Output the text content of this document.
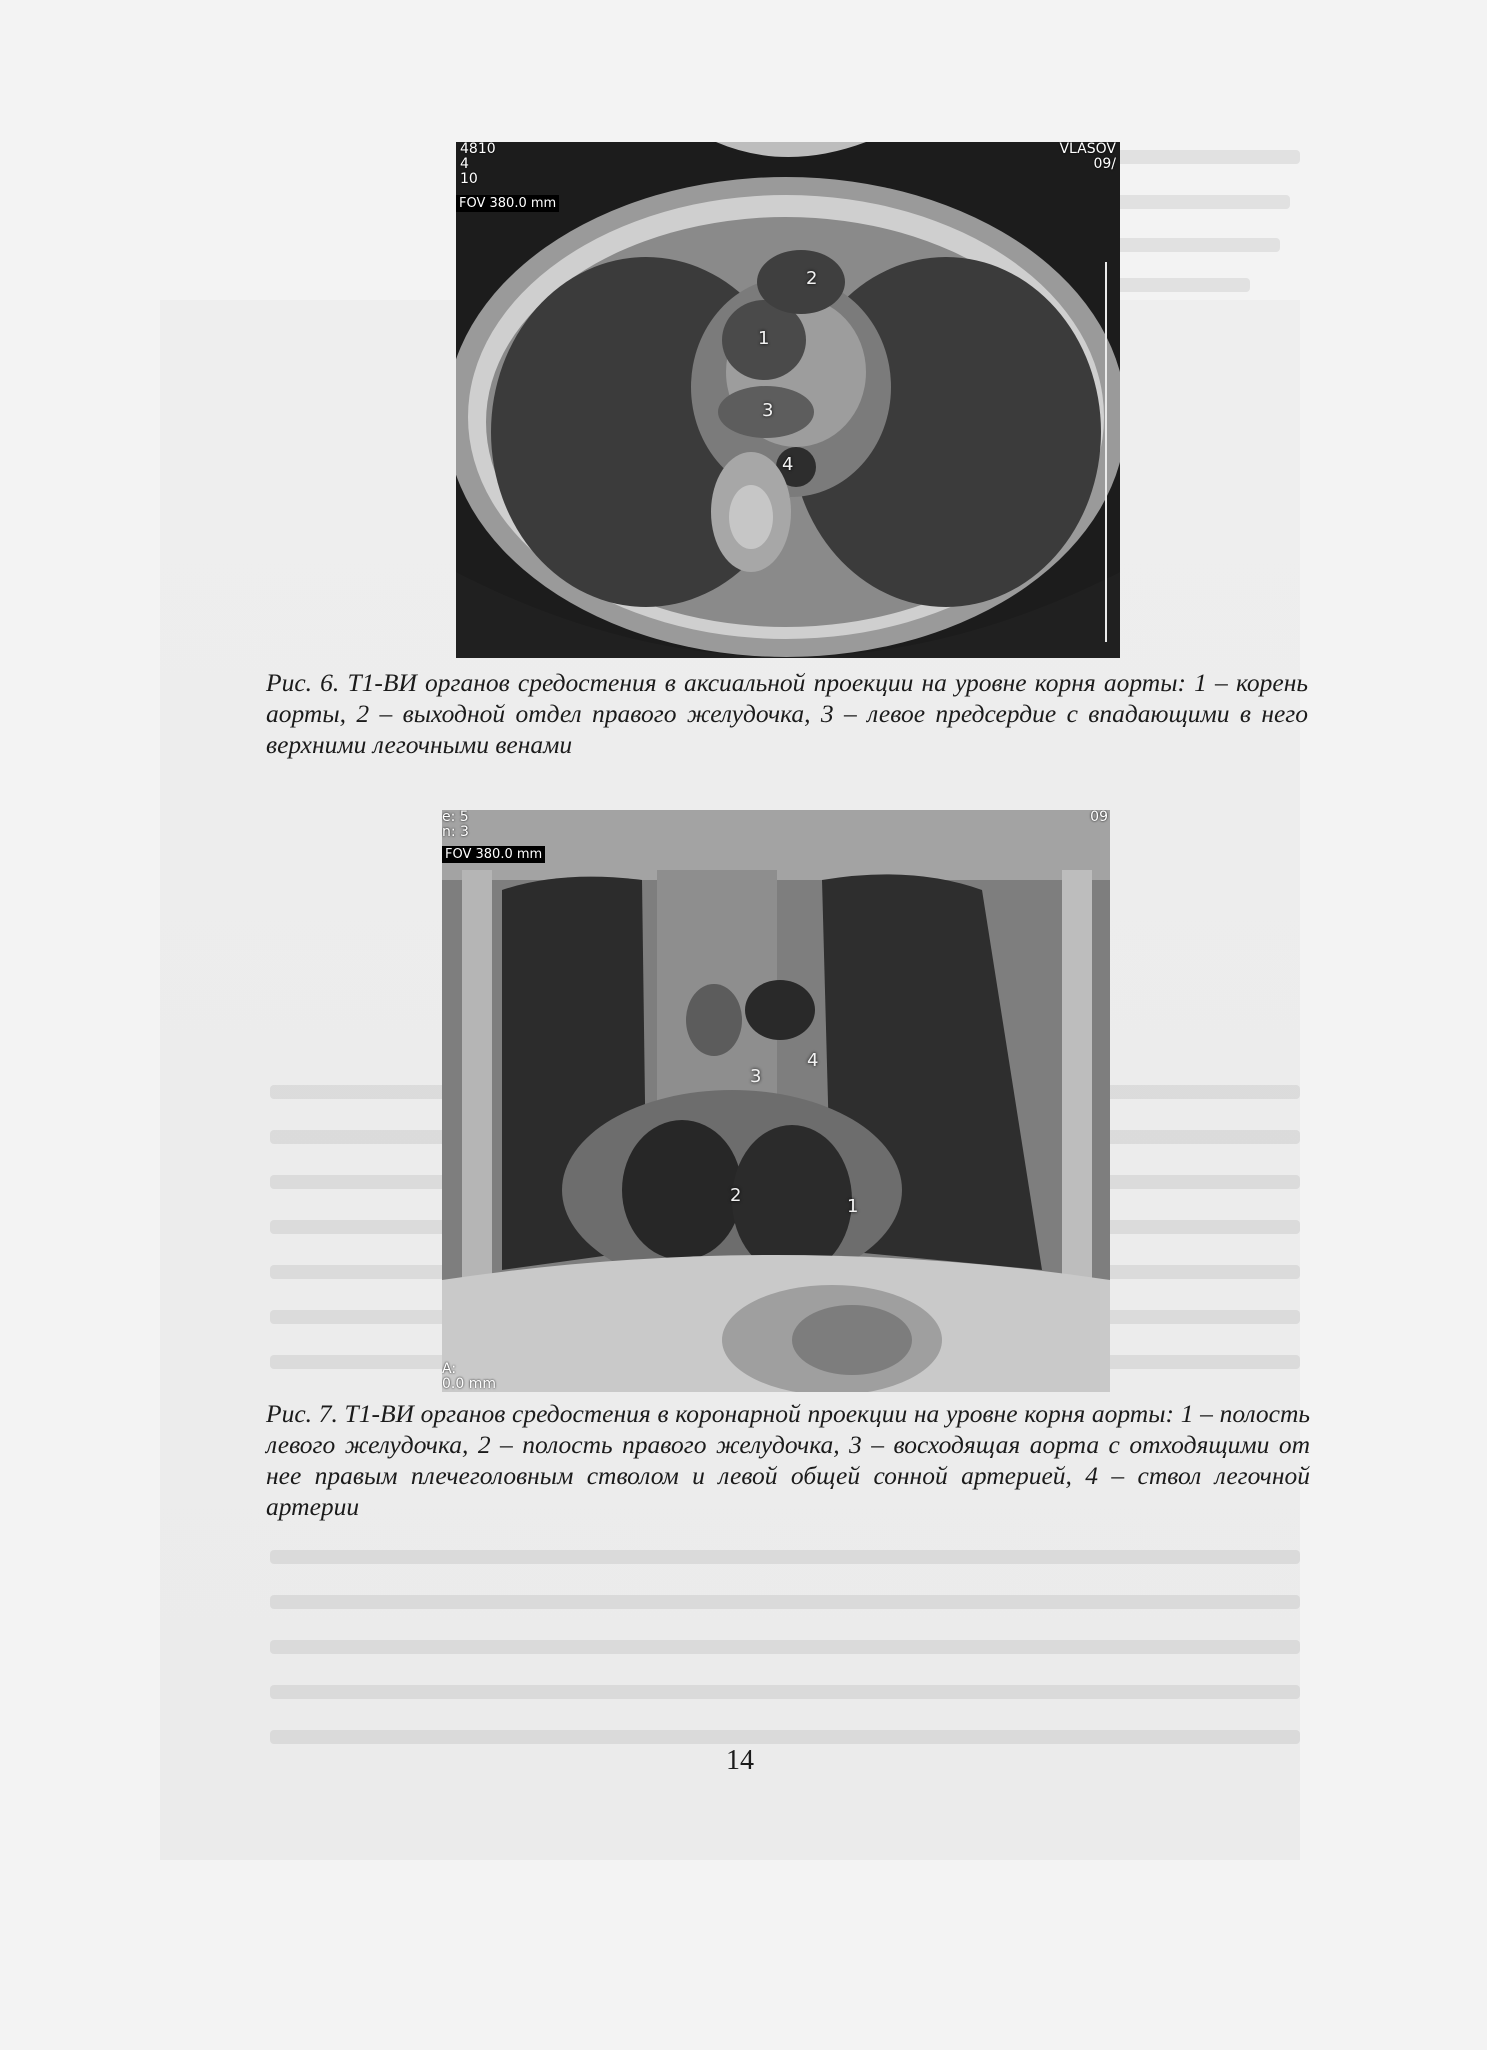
4810
4
10
VLASOV
09/
FOV 380.0 mm
1
2
3
4
Рис. 6. Т1-ВИ органов средостения в аксиальной проекции на уровне корня аорты: 1 – корень аорты, 2 – выходной отдел правого желудочка, 3 – левое предсердие с впадающими в него верхними легочными венами
e: 5
n: 3
09
FOV 380.0 mm
A:
0.0 mm
1
2
3
4
Рис. 7. Т1-ВИ органов средостения в коронарной проекции на уровне корня аорты: 1 – полость левого желудочка, 2 – полость правого желудочка, 3 – восходящая аорта с отходящими от нее правым плечеголовным стволом и левой общей сонной артерией, 4 – ствол легочной артерии
14
